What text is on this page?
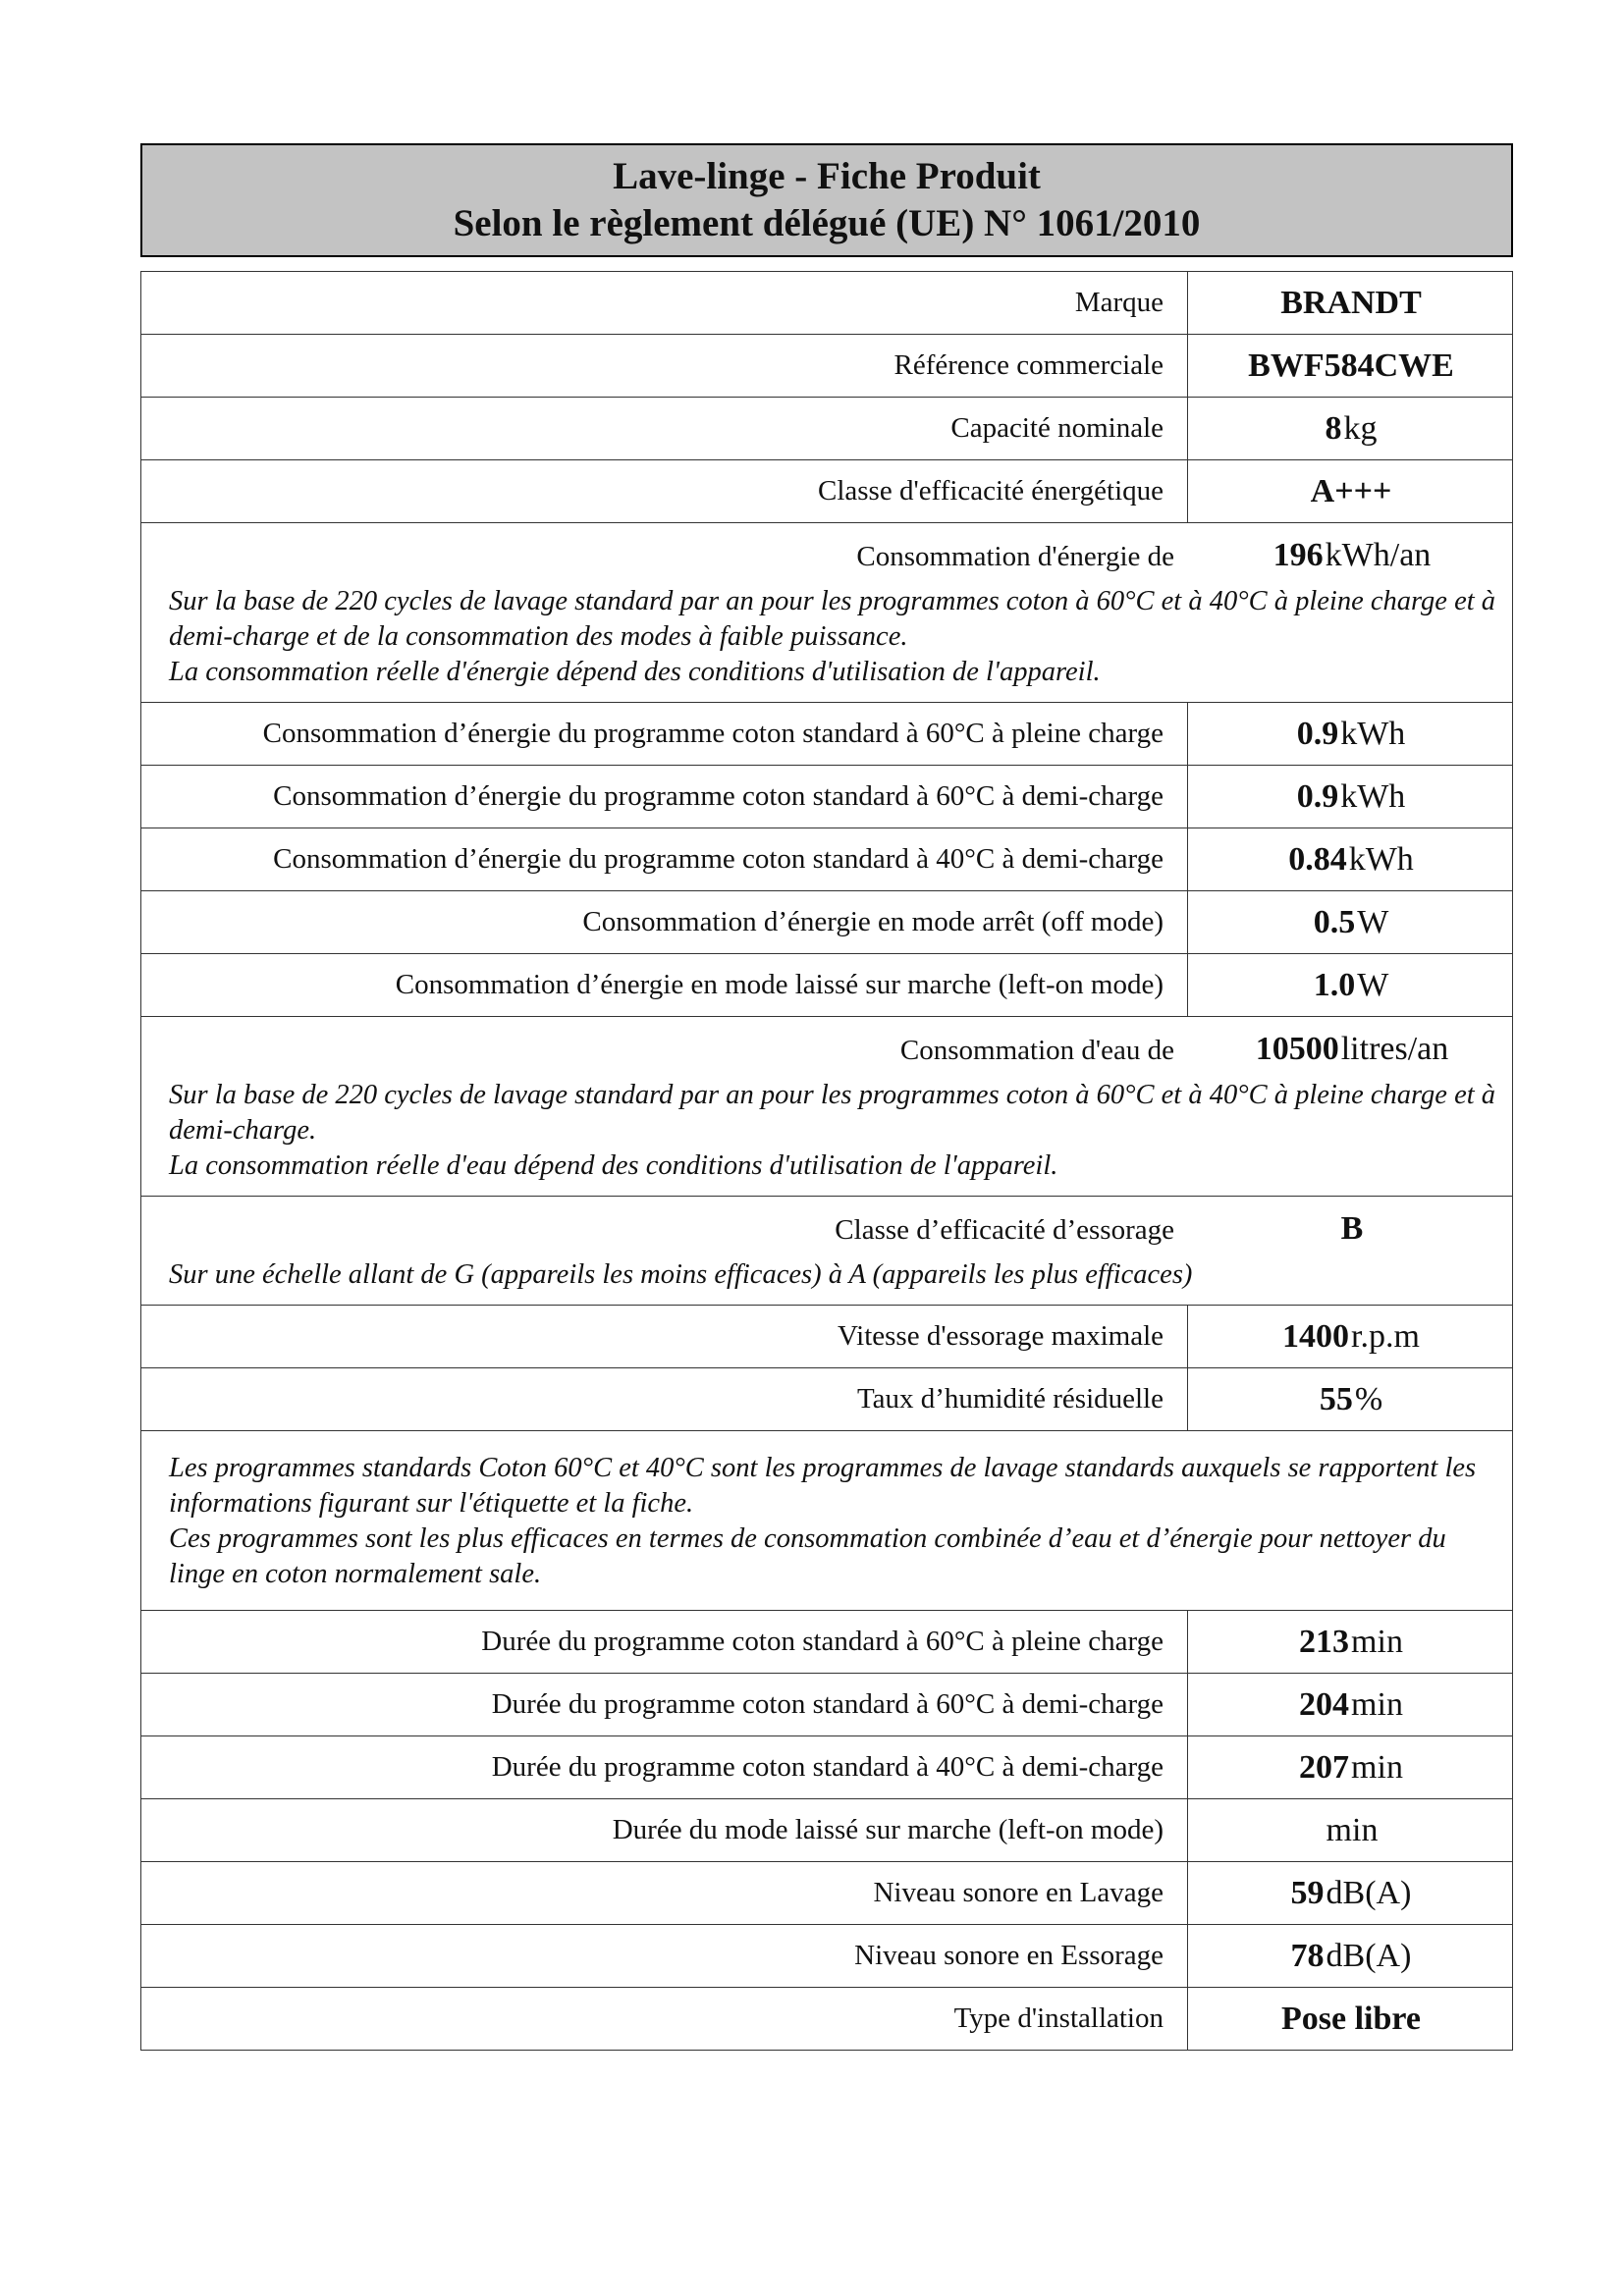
Lave-linge - Fiche Produit
Selon le règlement délégué (UE) N° 1061/2010
Marque	BRANDT
Référence commerciale	BWF584CWE
Capacité nominale	8 kg
Classe d'efficacité énergétique	A+++
Consommation d'énergie de	196kWh/an

Sur la base de 220 cycles de lavage standard par an pour les programmes coton à 60°C et à 40°C à pleine charge et à demi-charge et de la consommation des modes à faible puissance.

La consommation réelle d'énergie dépend des conditions d'utilisation de l'appareil.

Consommation d’énergie du programme coton standard à 60°C à pleine charge	0.9 kWh
Consommation d’énergie du programme coton standard à 60°C à demi-charge	0.9 kWh
Consommation d’énergie du programme coton standard à 40°C à demi-charge	0.84 kWh
Consommation d’énergie en mode arrêt (off mode)	0.5 W
Consommation d’énergie en mode laissé sur marche (left-on mode)	1.0 W
Consommation d'eau de	10500litres/an

Sur la base de 220 cycles de lavage standard par an pour les programmes coton à 60°C et à 40°C à pleine charge et à demi-charge.

La consommation réelle d'eau dépend des conditions d'utilisation de l'appareil.

Classe d’efficacité d’essorage	B

Sur une échelle allant de G (appareils les moins efficaces) à A (appareils les plus efficaces)

Vitesse d'essorage maximale	1400 r.p.m
Taux d’humidité résiduelle	55 %

Les programmes standards Coton 60°C et 40°C sont les programmes de lavage standards auxquels se rapportent les informations figurant sur l'étiquette et la fiche.

Ces programmes sont les plus efficaces en termes de consommation combinée d’eau et d’énergie pour nettoyer du linge en coton normalement sale.

Durée du programme coton standard à 60°C à pleine charge	213 min
Durée du programme coton standard à 60°C à demi-charge	204 min
Durée du programme coton standard à 40°C à demi-charge	207 min
Durée du mode laissé sur marche (left-on mode)	min
Niveau sonore en Lavage	59 dB(A)
Niveau sonore en Essorage	78 dB(A)
Type d'installation	Pose libre
